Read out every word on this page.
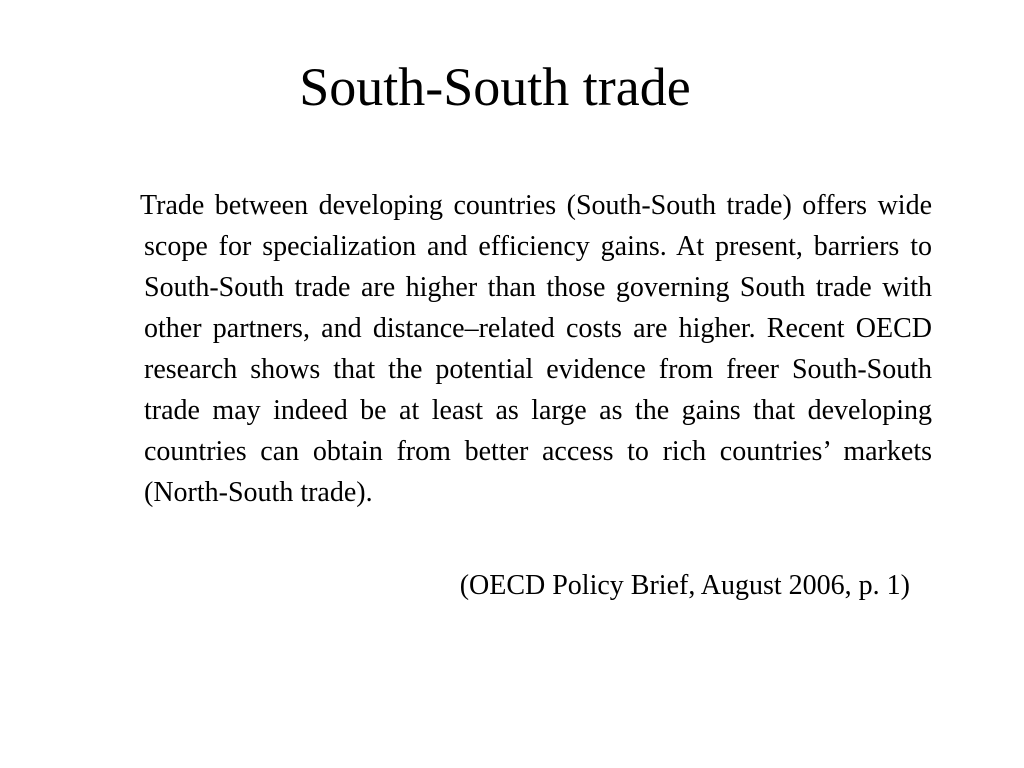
South-South trade

Trade between developing countries (South-South trade) offers wide scope for specialization and efficiency gains. At present, barriers to South-South trade are higher than those governing South trade with other partners, and distance–related costs are higher. Recent OECD research shows that the potential evidence from freer South-South trade may indeed be at least as large as the gains that developing countries can obtain from better access to rich countries’ markets (North-South trade).

(OECD Policy Brief, August 2006, p. 1)
